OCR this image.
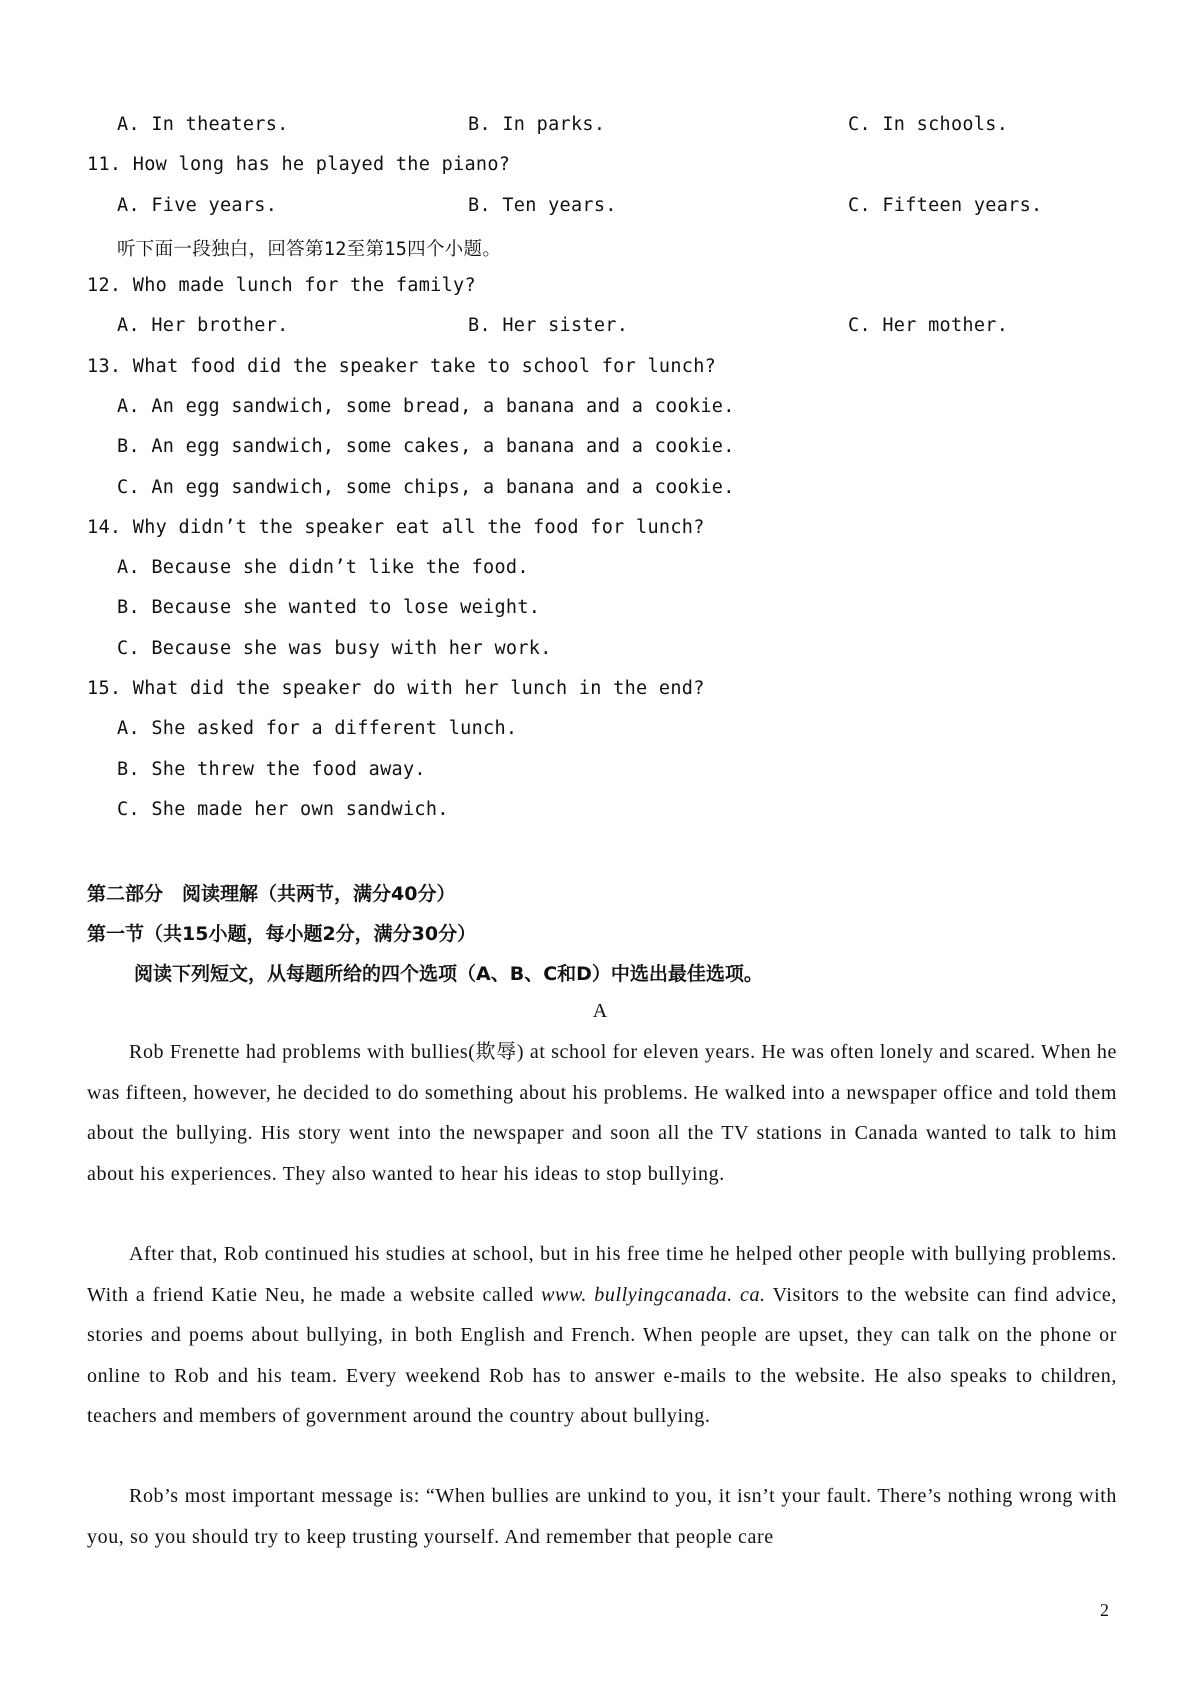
A. In theaters.	B. In parks.	C. In schools.
11. How long has he played the piano?
A. Five years.	B. Ten years.	C. Fifteen years.
听下面一段独白，回答第12至第15四个小题。
12. Who made lunch for the family?
A. Her brother.	B. Her sister.	C. Her mother.
13. What food did the speaker take to school for lunch?
A. An egg sandwich, some bread, a banana and a cookie.
B. An egg sandwich, some cakes, a banana and a cookie.
C. An egg sandwich, some chips, a banana and a cookie.
14. Why didn’t the speaker eat all the food for lunch?
A. Because she didn’t like the food.
B. Because she wanted to lose weight.
C. Because she was busy with her work.
15. What did the speaker do with her lunch in the end?
A. She asked for a different lunch.
B. She threw the food away.
C. She made her own sandwich.
第二部分　阅读理解（共两节，满分40分）
第一节（共15小题，每小题2分，满分30分）
阅读下列短文，从每题所给的四个选项（A、B、C和D）中选出最佳选项。
A
Rob Frenette had problems with bullies(欺辱) at school for eleven years. He was often lonely and scared. When he was fifteen, however, he decided to do something about his problems. He walked into a newspaper office and told them about the bullying. His story went into the newspaper and soon all the TV stations in Canada wanted to talk to him about his experiences. They also wanted to hear his ideas to stop bullying.
After that, Rob continued his studies at school, but in his free time he helped other people with bullying problems. With a friend Katie Neu, he made a website called www. bullyingcanada. ca. Visitors to the website can find advice, stories and poems about bullying, in both English and French. When people are upset, they can talk on the phone or online to Rob and his team. Every weekend Rob has to answer e-mails to the website. He also speaks to children, teachers and members of government around the country about bullying.
Rob’s most important message is: “When bullies are unkind to you, it isn’t your fault. There’s nothing wrong with you, so you should try to keep trusting yourself. And remember that people care
2
